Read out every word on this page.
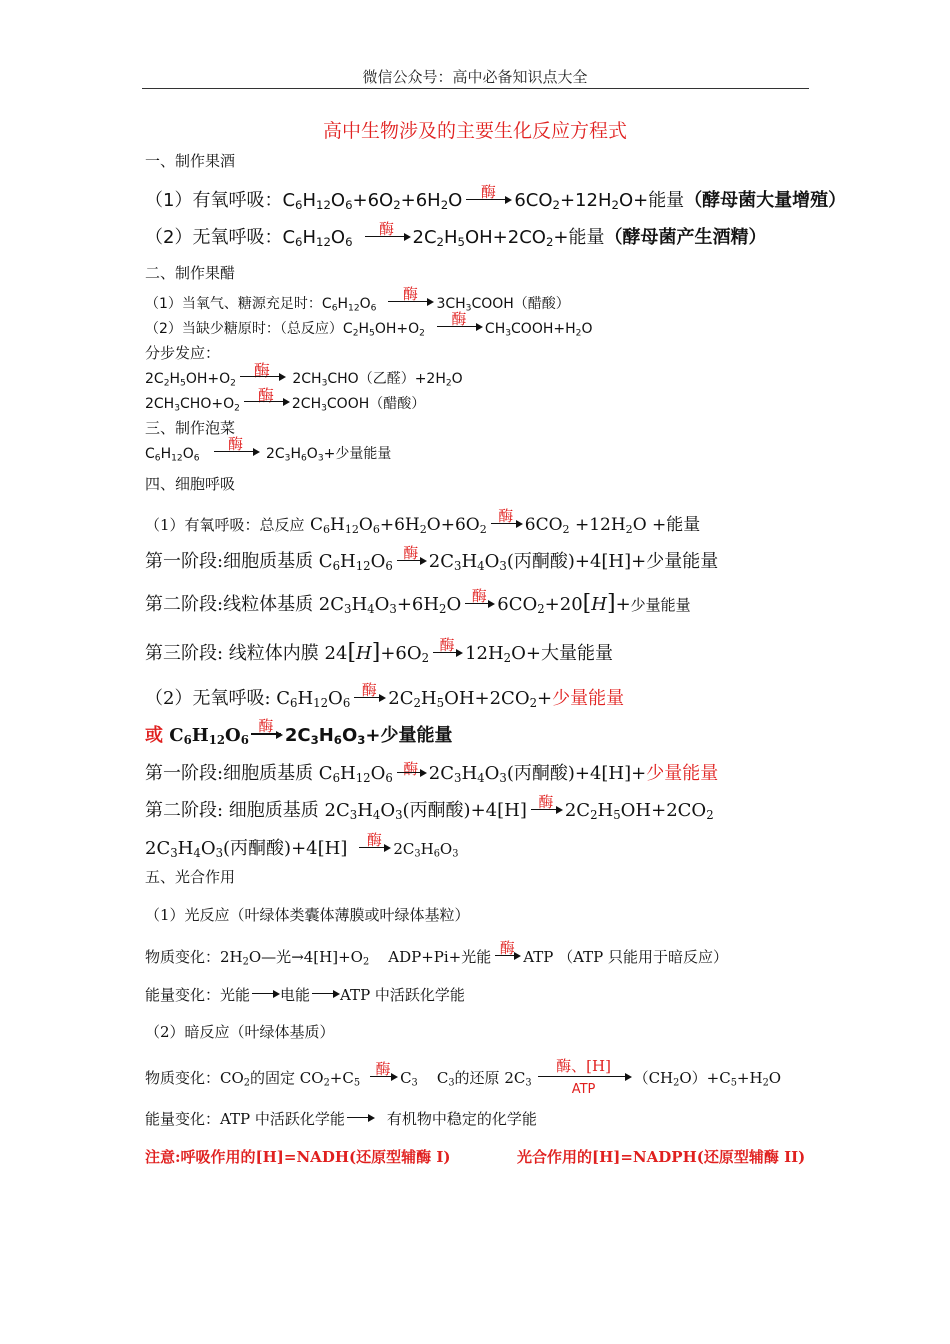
微信公众号：高中必备知识点大全
高中生物涉及的主要生化反应方程式
一、制作果酒
（1）有氧呼吸：$C_6H_{12}O_6+6O_2+6H_2O$	酶	$6CO_2+12H_2O+$能量（酵母菌大量增殖）
（2）无氧呼吸：$C_6H_{12}O_6$
酶	$2C_2H_5OH+2CO_2+$能量（酵母菌产生酒精）
二、制作果醋
（1）当氧气、糖源充足时：$C_6H_{12}O_6$
酶
$3CH_3COOH$（醋酸）
（2）当缺少糖原时：（总反应）$C_2H_5OH+O_2$
酶
$CH_3COOH+H_2O$
分步发应：
$2C_2H_5OH+O_2$
酶	$2CH_3CHO$（乙醛）$+2H_2O$
$2CH_3CHO+O_2$
酶	$2CH_3COOH$（醋酸）
三、制作泡菜
$C_6H_{12}O_6$
酶
$2C_3H_6O_3+$少量能量
四、细胞呼吸
（1）有氧呼吸：总反应 $C_6H_{12}O_6+6H_2O+6O_2$
酶 $6CO_2 +12H_2O$ +能量
第一阶段:细胞质基质 $C_6H_{12}O_6$
酶 $2C_3H_4O_3$(丙酮酸)+4[H]+少量能量
第二阶段:线粒体基质 $2C_3H_4O_3+6H_2O$ 酶 $6CO_2+20[H]+$少量能量
第三阶段: 线粒体内膜 $24[H]+6O_2$
酶 $12H_2O+$大量能量
（2）无氧呼吸: $C_6H_{12}O_6$
酶 $2C_2H_5OH+2CO_2+$少量能量
或 $C_6H_{12}O_6$
酶 $2C_3H_6O_3+$少量能量
第一阶段:细胞质基质 $C_6H_{12}O_6$ 酶 $2C_3H_4O_3$(丙酮酸)+4[H]+少量能量
第二阶段: 细胞质基质 $2C_3H_4O_3$(丙酮酸)+4[H] 酶 $2C_2H_5OH+2CO_2$
$2C_3H_4O_3$(丙酮酸)+4[H]	酶 $2C_3H_6O_3$
五、光合作用
（1）光反应（叶绿体类囊体薄膜或叶绿体基粒）
物质变化：$2H_2O—$光$\to 4[H]+O_2$    ADP+Pi+光能 酶 ATP （ATP 只能用于暗反应）
能量变化：光能 电能 ATP 中活跃化学能
（2）暗反应（叶绿体基质）
物质变化：$CO_2$的固定 $CO_2+C_5$
酶 $C_3$    $C_3$的还原 $2C_3$
酶、[H]
ATP
$(CH_2O)+C_5+H_2O$
能量变化：ATP 中活跃化学能	有机物中稳定的化学能
注意:呼吸作用的[H]=NADH(还原型辅酶 I)	光合作用的[H]=NADPH(还原型辅酶 II)
